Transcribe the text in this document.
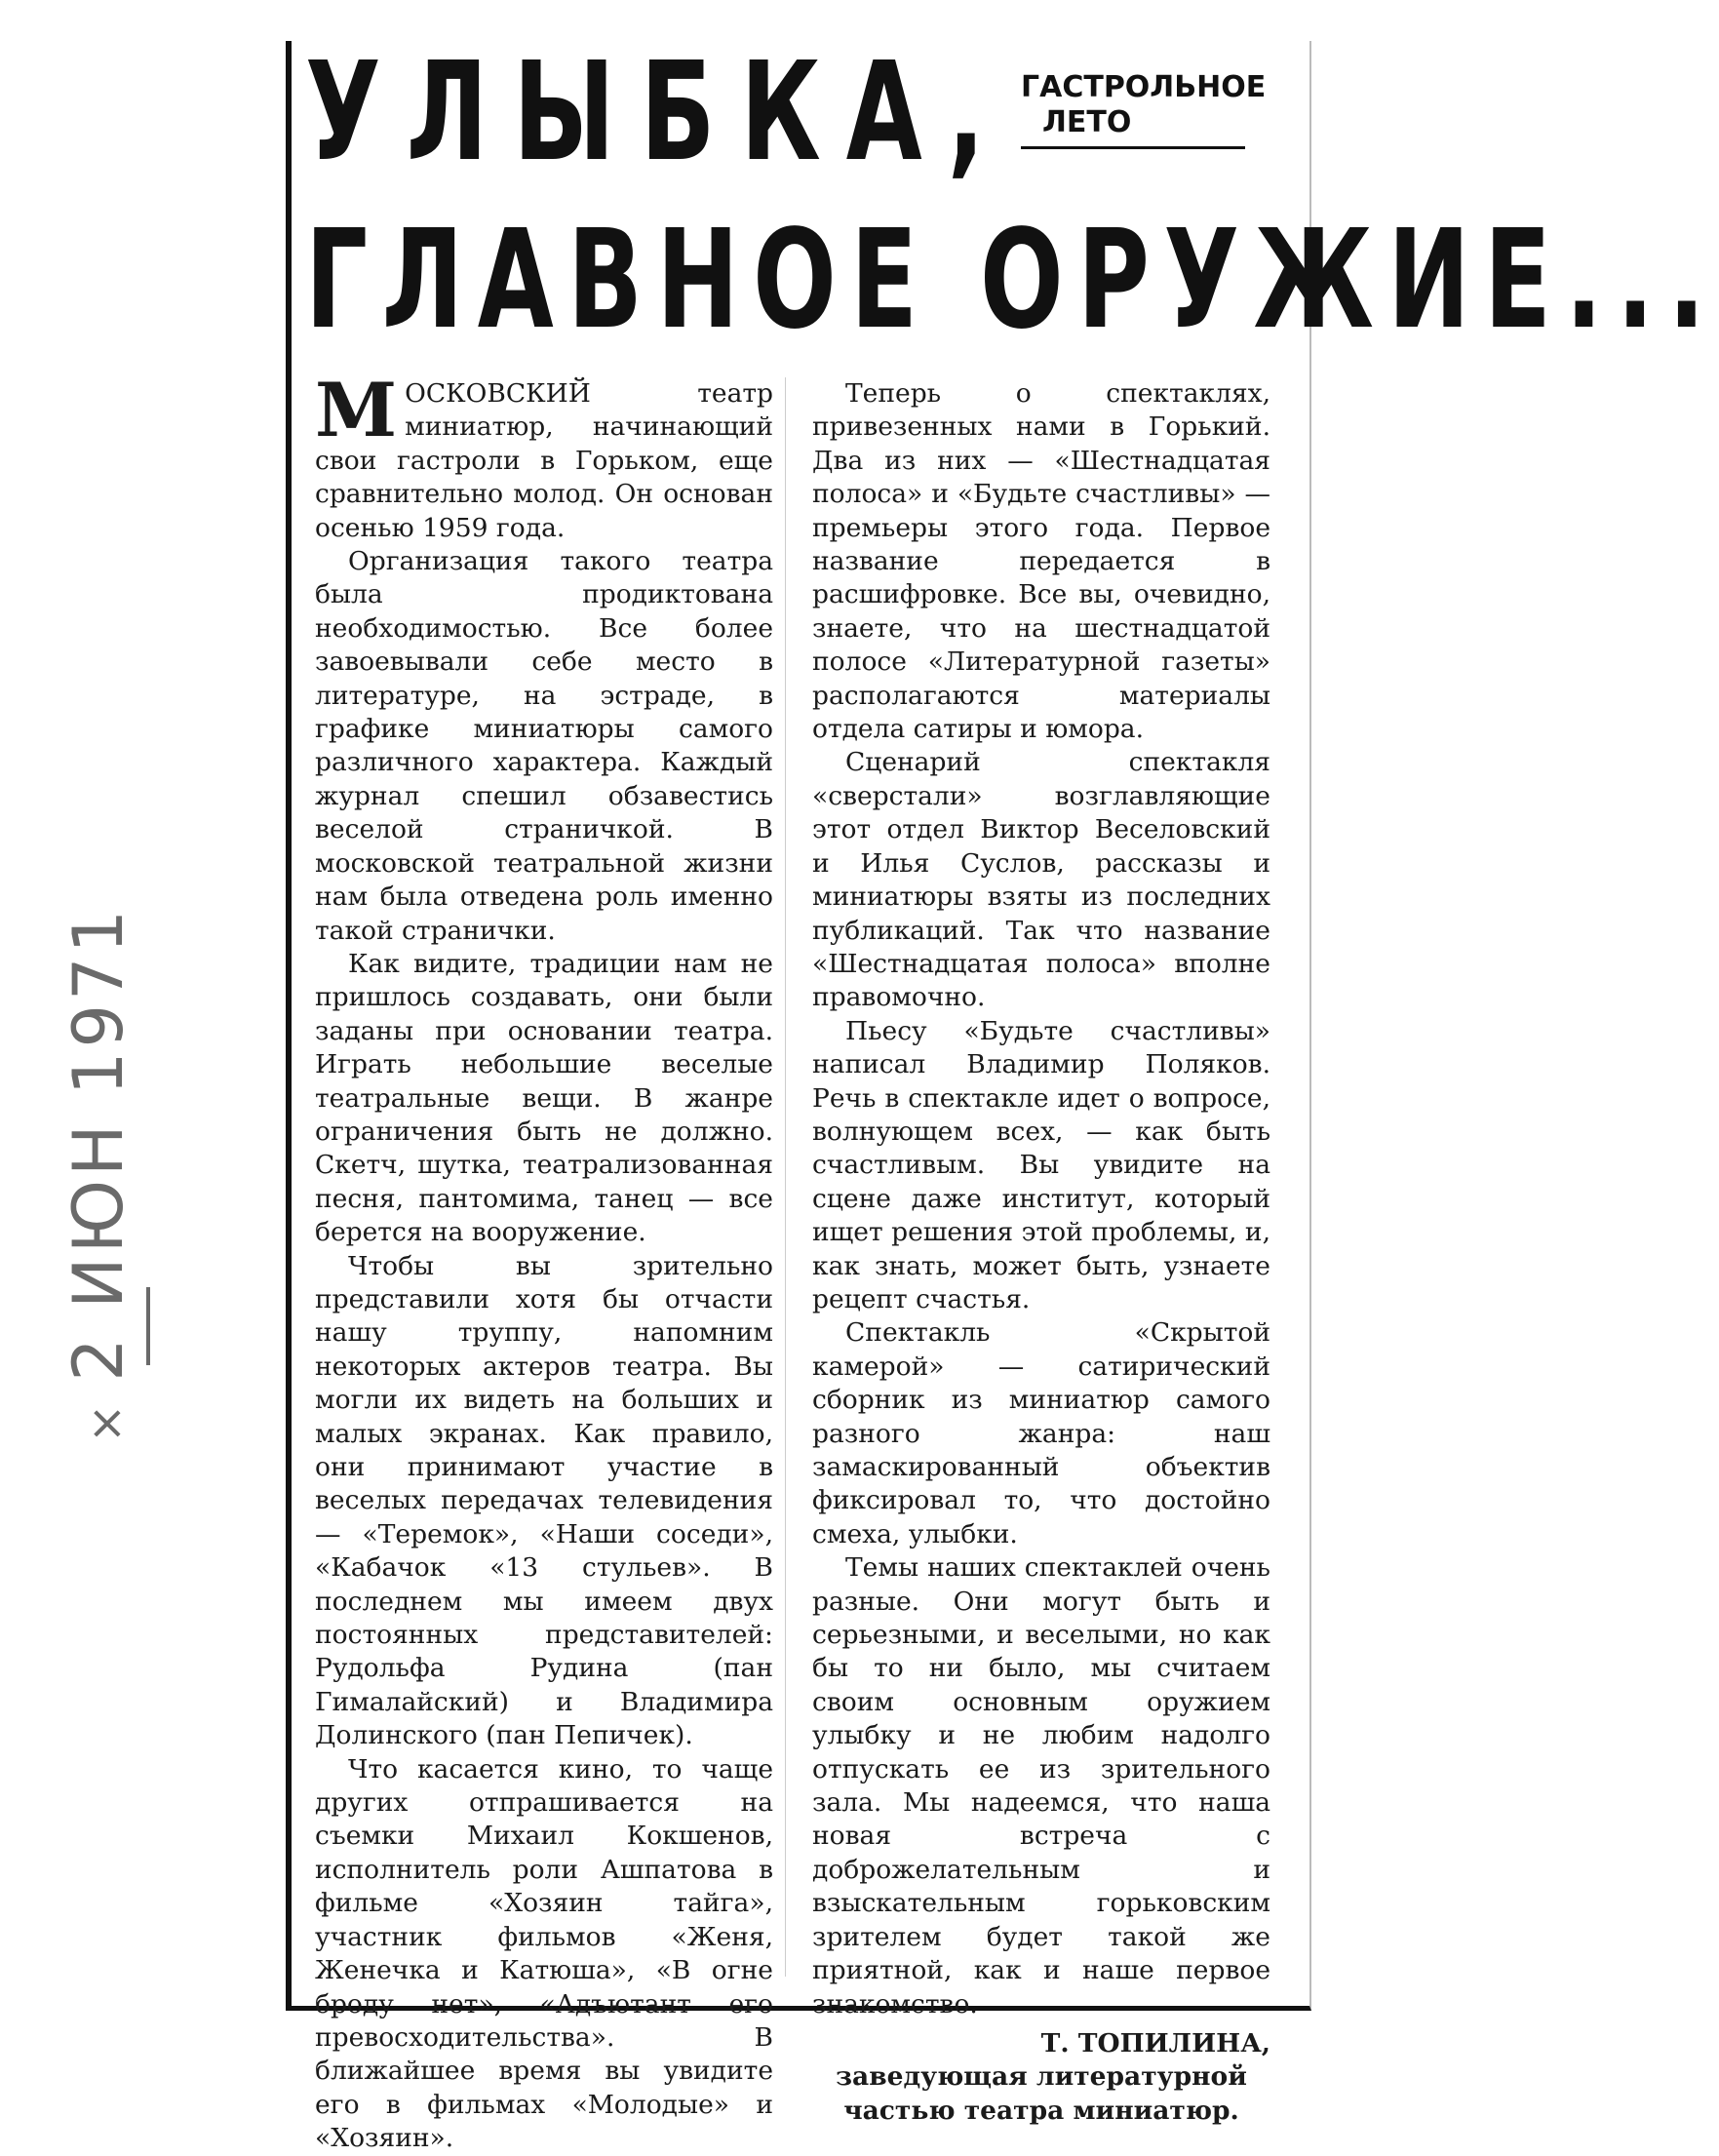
× 2 ИЮН 1971
УЛЫБКА,
ГЛАВНОЕ ОРУЖИЕ...
ГАСТРОЛЬНОЕ
ЛЕТО

М ОСКОВСКИЙ театр миниатюр, начинающий свои гастроли в Горьком, еще сравнительно молод. Он основан осенью 1959 года.

Организация такого театра была продиктована необходимостью. Все более завоевывали себе место в литературе, на эстраде, в графике миниатюры самого различного характера. Каждый журнал спешил обзавестись веселой страничкой. В московской театральной жизни нам была отведена роль именно такой странички.

Как видите, традиции нам не пришлось создавать, они были заданы при основании театра. Играть небольшие веселые театральные вещи. В жанре ограничения быть не должно. Скетч, шутка, театрализованная песня, пантомима, танец — все берется на вооружение.

Чтобы вы зрительно представили хотя бы отчасти нашу труппу, напомним некоторых актеров театра. Вы могли их видеть на больших и малых экранах. Как правило, они принимают участие в веселых передачах телевидения — «Теремок», «Наши соседи», «Кабачок «13 стульев». В последнем мы имеем двух постоянных представителей: Рудольфа Рудина (пан Гималайский) и Владимира Долинского (пан Пепичек).

Что касается кино, то чаще других отпрашивается на съемки Михаил Кокшенов, исполнитель роли Ашпатова в фильме «Хозяин тайга», участник фильмов «Женя, Женечка и Катюша», «В огне броду нет», «Адъютант его превосходительства». В ближайшее время вы увидите его в фильмах «Молодые» и «Хозяин».

Теперь о спектаклях, привезенных нами в Горький. Два из них — «Шестнадцатая полоса» и «Будьте счастливы» — премьеры этого года. Первое название передается в расшифровке. Все вы, очевидно, знаете, что на шестнадцатой полосе «Литературной газеты» располагаются материалы отдела сатиры и юмора.

Сценарий спектакля «сверстали» возглавляющие этот отдел Виктор Веселовский и Илья Суслов, рассказы и миниатюры взяты из последних публикаций. Так что название «Шестнадцатая полоса» вполне правомочно.

Пьесу «Будьте счастливы» написал Владимир Поляков. Речь в спектакле идет о вопросе, волнующем всех, — как быть счастливым. Вы увидите на сцене даже институт, который ищет решения этой проблемы, и, как знать, может быть, узнаете рецепт счастья.

Спектакль «Скрытой камерой» — сатирический сборник из миниатюр самого разного жанра: наш замаскированный объектив фиксировал то, что достойно смеха, улыбки.

Темы наших спектаклей очень разные. Они могут быть и серьезными, и веселыми, но как бы то ни было, мы считаем своим основным оружием улыбку и не любим надолго отпускать ее из зрительного зала. Мы надеемся, что наша новая встреча с доброжелательным и взыскательным горьковским зрителем будет такой же приятной, как и наше первое знакомство.

Т. ТОПИЛИНА,
заведующая литературной частью театра миниатюр.
